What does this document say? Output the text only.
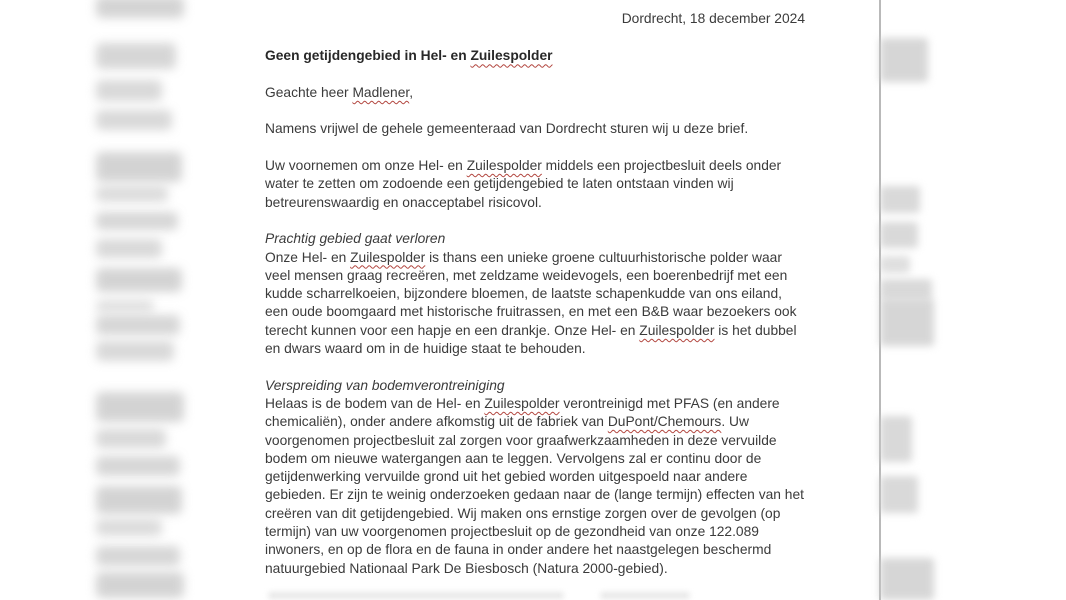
Dordrecht, 18 december 2024

Geen getijdengebied in Hel- en Zuilespolder

Geachte heer Madlener,

Namens vrijwel de gehele gemeenteraad van Dordrecht sturen wij u deze brief.

Uw voornemen om onze Hel- en Zuilespolder middels een projectbesluit deels onder water te zetten om zodoende een getijdengebied te laten ontstaan vinden wij betreurenswaardig en onacceptabel risicovol.

Prachtig gebied gaat verloren

Onze Hel- en Zuilespolder is thans een unieke groene cultuurhistorische polder waar veel mensen graag recreëren, met zeldzame weidevogels, een boerenbedrijf met een kudde scharrelkoeien, bijzondere bloemen, de laatste schapenkudde van ons eiland, een oude boomgaard met historische fruitrassen, en met een B&B waar bezoekers ook terecht kunnen voor een hapje en een drankje. Onze Hel- en Zuilespolder is het dubbel en dwars waard om in de huidige staat te behouden.

Verspreiding van bodemverontreiniging

Helaas is de bodem van de Hel- en Zuilespolder verontreinigd met PFAS (en andere chemicaliën), onder andere afkomstig uit de fabriek van DuPont/Chemours. Uw voorgenomen projectbesluit zal zorgen voor graafwerkzaamheden in deze vervuilde bodem om nieuwe watergangen aan te leggen. Vervolgens zal er continu door de getijdenwerking vervuilde grond uit het gebied worden uitgespoeld naar andere gebieden. Er zijn te weinig onderzoeken gedaan naar de (lange termijn) effecten van het creëren van dit getijdengebied. Wij maken ons ernstige zorgen over de gevolgen (op termijn) van uw voorgenomen projectbesluit op de gezondheid van onze 122.089 inwoners, en op de flora en de fauna in onder andere het naastgelegen beschermd natuurgebied Nationaal Park De Biesbosch (Natura 2000-gebied).
